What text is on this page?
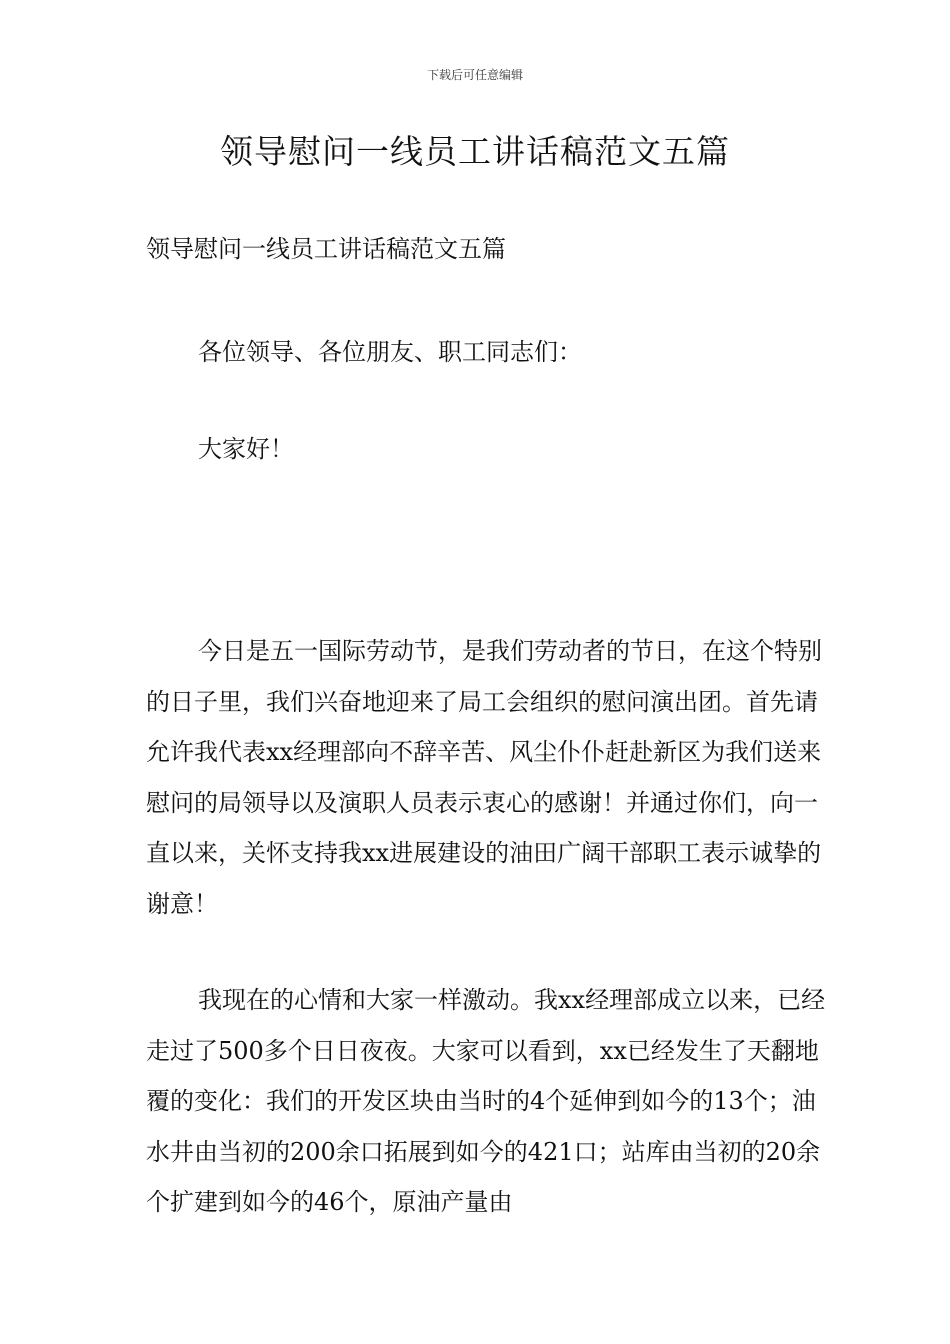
下载后可任意编辑
领导慰问一线员工讲话稿范文五篇

领导慰问一线员工讲话稿范文五篇

各位领导、各位朋友、职工同志们：

大家好！

今日是五一国际劳动节，是我们劳动者的节日，在这个特别的日子里，我们兴奋地迎来了局工会组织的慰问演出团。首先请允许我代表xx经理部向不辞辛苦、风尘仆仆赶赴新区为我们送来慰问的局领导以及演职人员表示衷心的感谢！并通过你们，向一直以来，关怀支持我xx进展建设的油田广阔干部职工表示诚挚的谢意！

我现在的心情和大家一样激动。我xx经理部成立以来，已经走过了500多个日日夜夜。大家可以看到，xx已经发生了天翻地覆的变化：我们的开发区块由当时的4个延伸到如今的13个；油水井由当初的200余口拓展到如今的421口；站库由当初的20余个扩建到如今的46个，原油产量由
